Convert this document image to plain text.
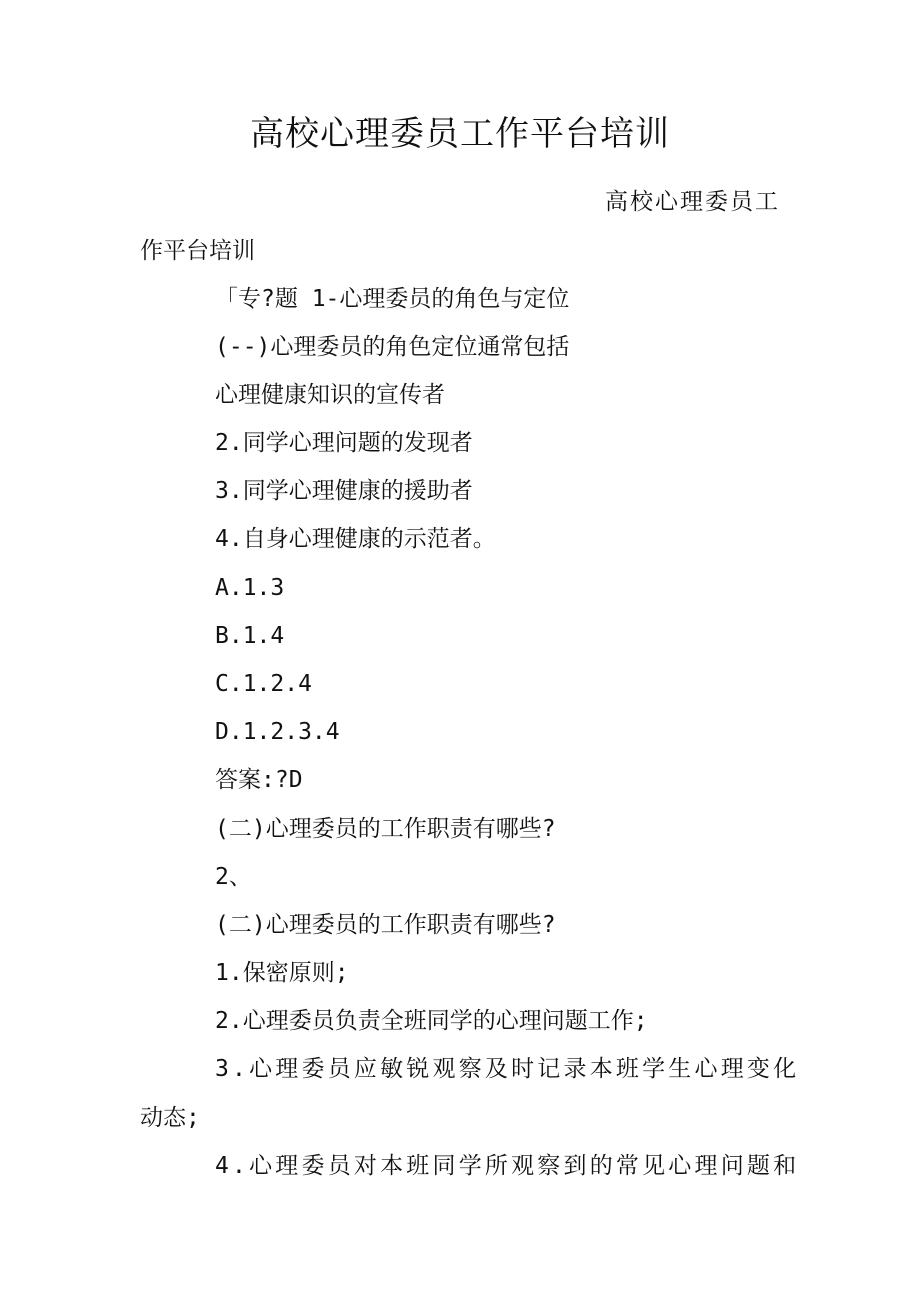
高校心理委员工作平台培训

高校心理委员工

作平台培训

「专?题 1-心理委员的角色与定位

(--)心理委员的角色定位通常包括

心理健康知识的宣传者

2.同学心理问题的发现者

3.同学心理健康的援助者

4.自身心理健康的示范者。

A.1.3

B.1.4

C.1.2.4

D.1.2.3.4

答案:?D

(二)心理委员的工作职责有哪些?

2、

(二)心理委员的工作职责有哪些?

1.保密原则;

2.心理委员负责全班同学的心理问题工作;

3.心理委员应敏锐观察及时记录本班学生心理变化

动态;

4.心理委员对本班同学所观察到的常见心理问题和
